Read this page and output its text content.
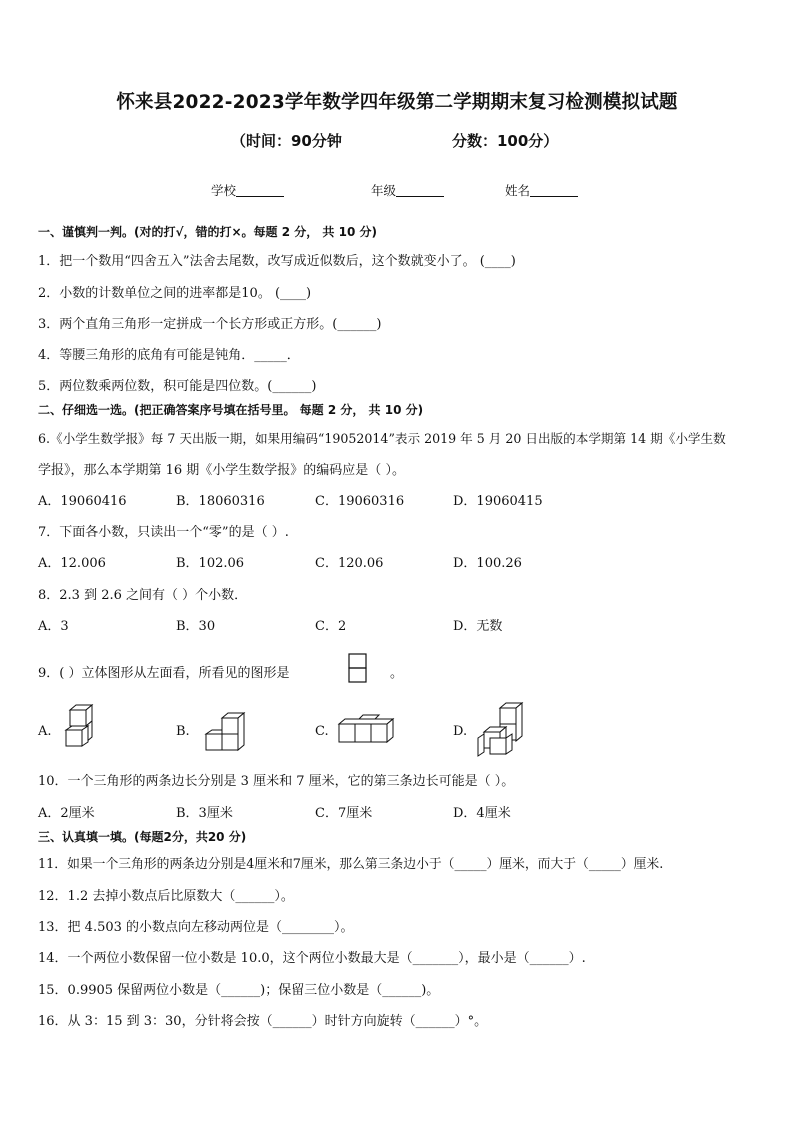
怀来县2022-2023学年数学四年级第二学期期末复习检测模拟试题
（时间：90分钟	分数：100分）
学校	年级	姓名
一、谨慎判一判。(对的打√，错的打×。每题 2 分， 共 10 分)
1．把一个数用“四舍五入”法舍去尾数，改写成近似数后，这个数就变小了。 (____)
2．小数的计数单位之间的进率都是10。 (____)
3．两个直角三角形一定拼成一个长方形或正方形。(______)
4．等腰三角形的底角有可能是钝角．_____．
5．两位数乘两位数，积可能是四位数。(______)
二、仔细选一选。(把正确答案序号填在括号里。 每题 2 分， 共 10 分)
6.《小学生数学报》每 7 天出版一期，如果用编码“19052014”表示 2019 年 5 月 20 日出版的本学期第 14 期《小学生数
学报》，那么本学期第 16 期《小学生数学报》的编码应是（ ）。
A．19060416	B．18060316	C．19060316	D．19060415
7．下面各小数，只读出一个“零”的是（ ）.
A．12.006	B．102.06	C．120.06	D．100.26
8．2.3 到 2.6 之间有（ ）个小数．
A．3	B．30	C．2	D．无数
9．( ）立体图形从左面看，所看见的图形是	。
A.	B.	C.	D.
10．一个三角形的两条边长分别是 3 厘米和 7 厘米，它的第三条边长可能是（ ）。
A．2厘米	B．3厘米	C．7厘米	D．4厘米
三、认真填一填。(每题2分，共20 分)
11．如果一个三角形的两条边分别是4厘米和7厘米，那么第三条边小于（_____）厘米，而大于（_____）厘米.
12．1.2 去掉小数点后比原数大（______）。
13．把 4.503 的小数点向左移动两位是（________）。
14．一个两位小数保留一位小数是 10.0，这个两位小数最大是（_______），最小是（______）.
15．0.9905 保留两位小数是（______)；保留三位小数是（______)。
16．从 3：15 到 3：30，分针将会按（______）时针方向旋转（______）°。
